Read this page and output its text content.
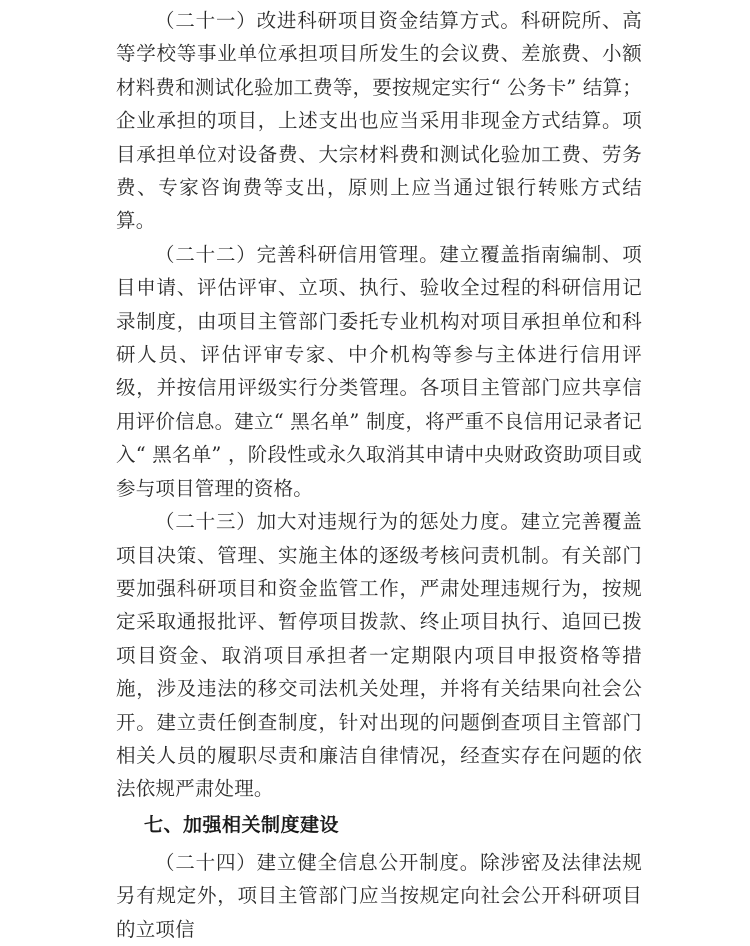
（二十一）改进科研项目资金结算方式。科研院所、高等学校等事业单位承担项目所发生的会议费、差旅费、小额材料费和测试化验加工费等，要按规定实行“ 公务卡” 结算；企业承担的项目，上述支出也应当采用非现金方式结算。项目承担单位对设备费、大宗材料费和测试化验加工费、劳务费、专家咨询费等支出，原则上应当通过银行转账方式结算。

（二十二）完善科研信用管理。建立覆盖指南编制、项目申请、评估评审、立项、执行、验收全过程的科研信用记录制度，由项目主管部门委托专业机构对项目承担单位和科研人员、评估评审专家、中介机构等参与主体进行信用评级，并按信用评级实行分类管理。各项目主管部门应共享信用评价信息。建立“ 黑名单” 制度，将严重不良信用记录者记入“ 黑名单” ，阶段性或永久取消其申请中央财政资助项目或参与项目管理的资格。

（二十三）加大对违规行为的惩处力度。建立完善覆盖项目决策、管理、实施主体的逐级考核问责机制。有关部门要加强科研项目和资金监管工作，严肃处理违规行为，按规定采取通报批评、暂停项目拨款、终止项目执行、追回已拨项目资金、取消项目承担者一定期限内项目申报资格等措施，涉及违法的移交司法机关处理，并将有关结果向社会公开。建立责任倒查制度，针对出现的问题倒查项目主管部门相关人员的履职尽责和廉洁自律情况，经查实存在问题的依法依规严肃处理。

七、加强相关制度建设

（二十四）建立健全信息公开制度。除涉密及法律法规另有规定外，项目主管部门应当按规定向社会公开科研项目的立项信
